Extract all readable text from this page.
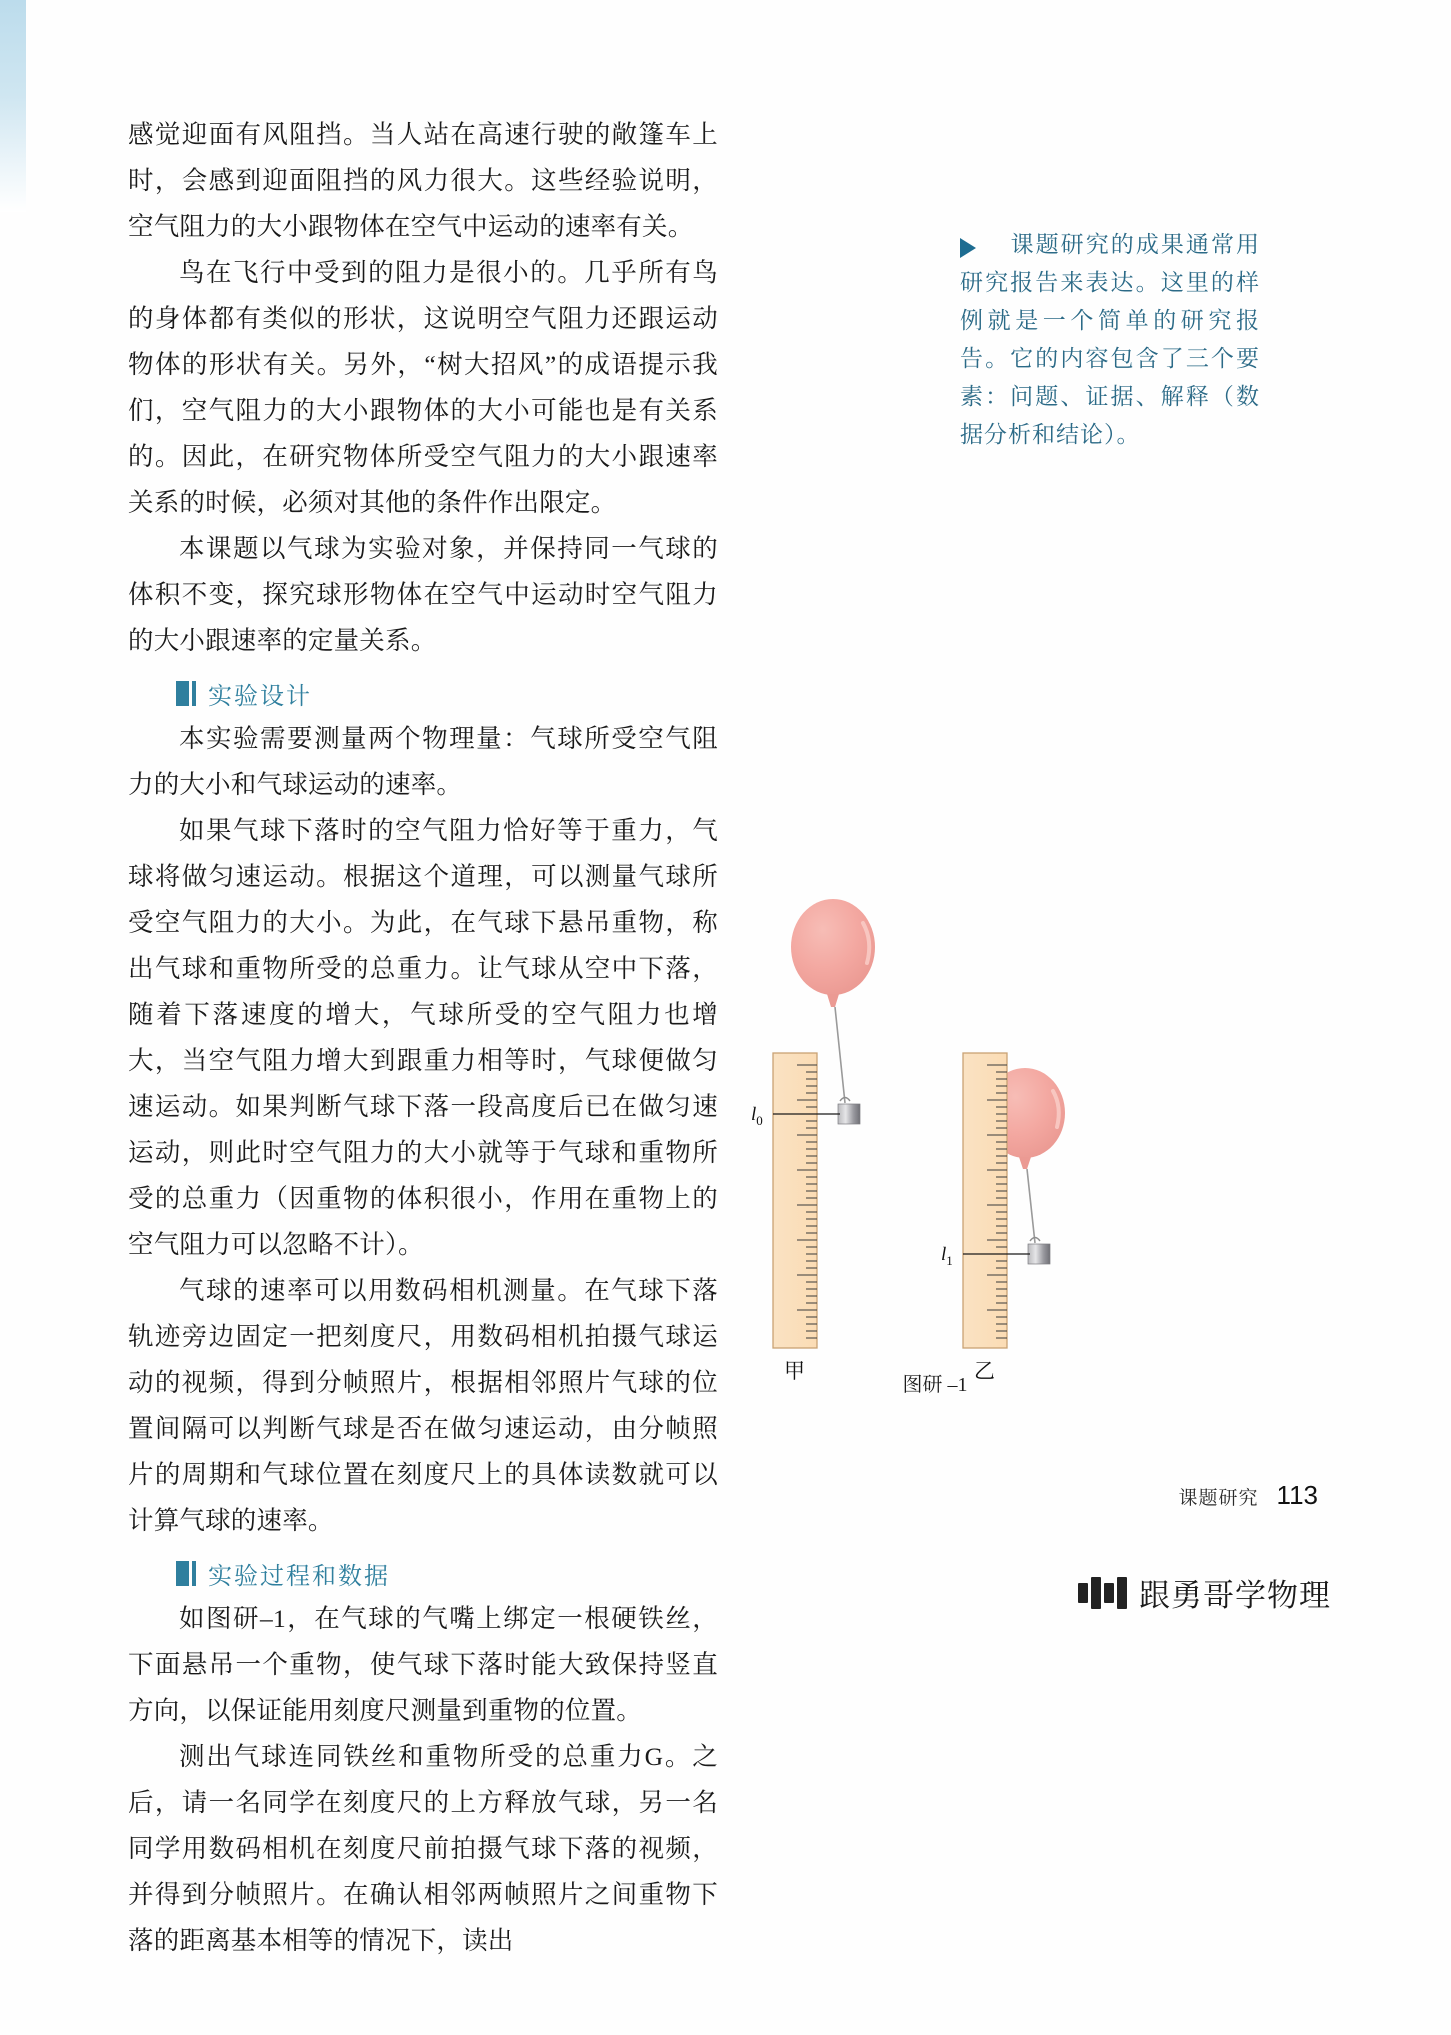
感觉迎面有风阻挡。当人站在高速行驶的敞篷车上时，会感到迎面阻挡的风力很大。这些经验说明，空气阻力的大小跟物体在空气中运动的速率有关。

鸟在飞行中受到的阻力是很小的。几乎所有鸟的身体都有类似的形状，这说明空气阻力还跟运动物体的形状有关。另外，“树大招风”的成语提示我们，空气阻力的大小跟物体的大小可能也是有关系的。因此，在研究物体所受空气阻力的大小跟速率关系的时候，必须对其他的条件作出限定。

本课题以气球为实验对象，并保持同一气球的体积不变，探究球形物体在空气中运动时空气阻力的大小跟速率的定量关系。

实验设计

本实验需要测量两个物理量：气球所受空气阻力的大小和气球运动的速率。

如果气球下落时的空气阻力恰好等于重力，气球将做匀速运动。根据这个道理，可以测量气球所受空气阻力的大小。为此，在气球下悬吊重物，称出气球和重物所受的总重力。让气球从空中下落，随着下落速度的增大，气球所受的空气阻力也增大，当空气阻力增大到跟重力相等时，气球便做匀速运动。如果判断气球下落一段高度后已在做匀速运动，则此时空气阻力的大小就等于气球和重物所受的总重力（因重物的体积很小，作用在重物上的空气阻力可以忽略不计）。

气球的速率可以用数码相机测量。在气球下落轨迹旁边固定一把刻度尺，用数码相机拍摄气球运动的视频，得到分帧照片，根据相邻照片气球的位置间隔可以判断气球是否在做匀速运动，由分帧照片的周期和气球位置在刻度尺上的具体读数就可以计算气球的速率。

实验过程和数据

如图研–1，在气球的气嘴上绑定一根硬铁丝，下面悬吊一个重物，使气球下落时能大致保持竖直方向，以保证能用刻度尺测量到重物的位置。

测出气球连同铁丝和重物所受的总重力G。之后，请一名同学在刻度尺的上方释放气球，另一名同学用数码相机在刻度尺前拍摄气球下落的视频，并得到分帧照片。在确认相邻两帧照片之间重物下落的距离基本相等的情况下，读出

课题研究的成果通常用研究报告来表达。这里的样例就是一个简单的研究报告。它的内容包含了三个要素：问题、证据、解释（数据分析和结论）。
$l_0$
甲
$l_1$
乙
图研 –1
课题研究 113
跟勇哥学物理
